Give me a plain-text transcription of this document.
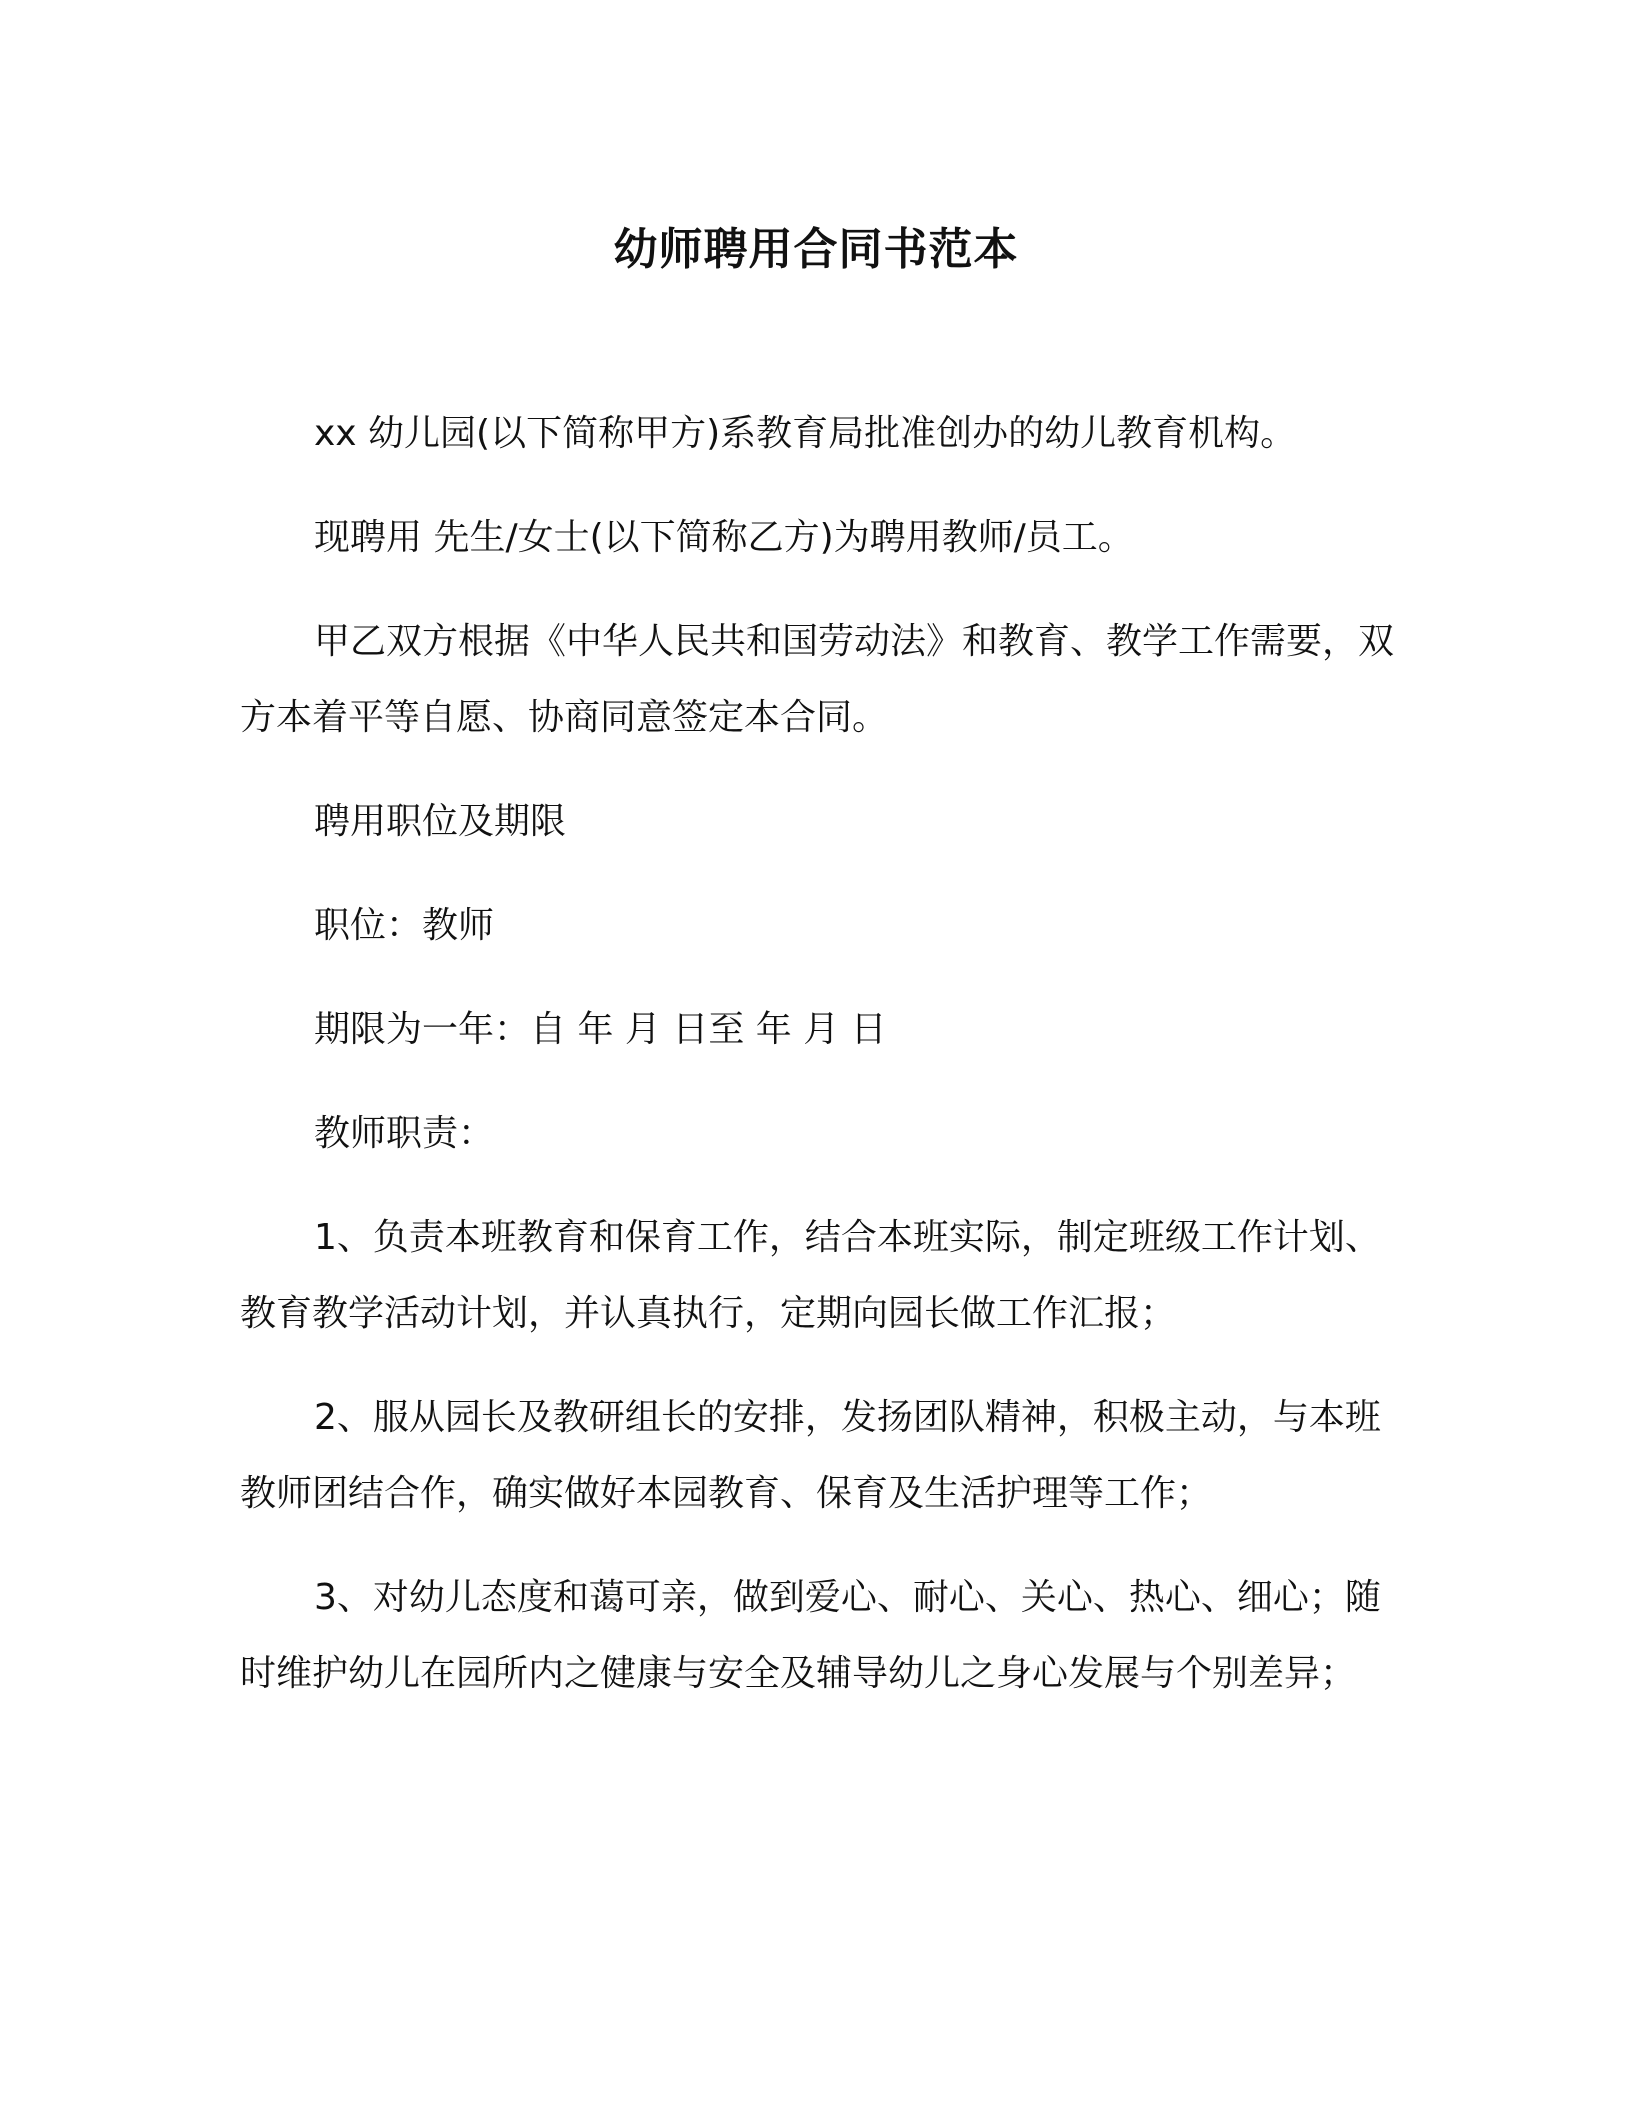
幼师聘用合同书范本

xx 幼儿园(以下简称甲方)系教育局批准创办的幼儿教育机构。

现聘用 先生/女士(以下简称乙方)为聘用教师/员工。

甲乙双方根据《中华人民共和国劳动法》和教育、教学工作需要，双方本着平等自愿、协商同意签定本合同。

聘用职位及期限

职位：教师

期限为一年：自 年 月 日至 年 月 日

教师职责：

1、负责本班教育和保育工作，结合本班实际，制定班级工作计划、教育教学活动计划，并认真执行，定期向园长做工作汇报；

2、服从园长及教研组长的安排，发扬团队精神，积极主动，与本班教师团结合作，确实做好本园教育、保育及生活护理等工作；

3、对幼儿态度和蔼可亲，做到爱心、耐心、关心、热心、细心；随时维护幼儿在园所内之健康与安全及辅导幼儿之身心发展与个别差异；
